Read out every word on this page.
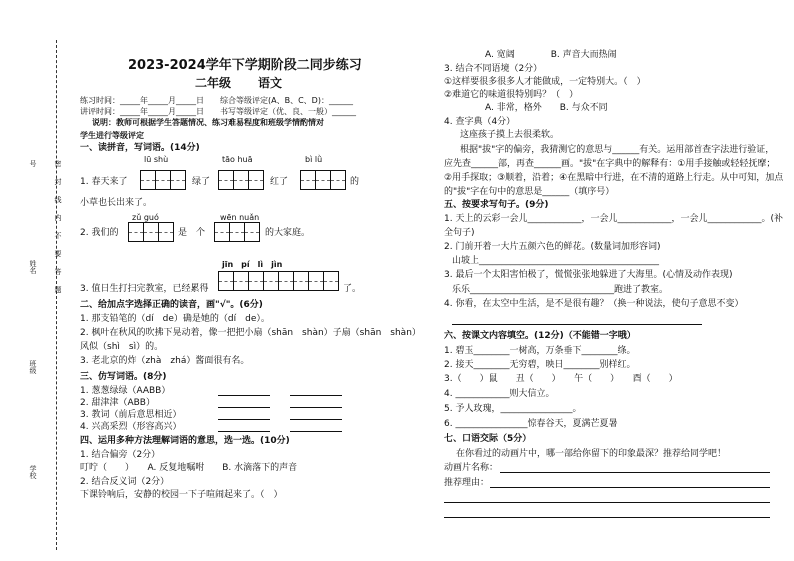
号
姓名
班级
学校
密　封　线　内　不　要　答　题
2023-2024学年下学期阶段二同步练习
二年级 语文
练习时间：_____年_____月_____日　　综合等级评定(A、B、C、D)：______
讲评时间：_____年_____月_____日　　书写等级评定（优、良、一般）______
说明：教师可根据学生答题情况、练习难易程度和班级学情酌情对
学生进行等级评定
一、读拼音，写词语。(14分)
lū shù	tāo huā	bì lǜ
1. 春天来了	绿了	红了	的
小草也长出来了。
zǔ guó	wēn nuǎn
2. 我们的	是　个	的大家庭。
jīn　pí　lì　jìn
3. 值日生打扫完教室，已经累得	了。
二、给加点字选择正确的读音，画"√"。(6分)
1. 那支铅笔的（dí　de）确是她的（dí　de）。
2. 枫叶在秋风的吹拂下晃动着，像一把把小扇（shān　shàn）子扇（shān　shàn）
风似（shì　sì）的。
3. 老北京的炸（zhà　zhá）酱面很有名。
三、仿写词语。(8分)
1. 葱葱绿绿（AABB）
2. 甜津津（ABB）
3. 教词（前后意思相近）
4. 兴高采烈（形容高兴）
四、运用多种方法理解词语的意思，选一选。(10分)
1. 结合偏旁（2分）
叮咛（　　）　　A. 反复地嘱咐　　B. 水滴落下的声音
2. 结合反义词（2分）
下课铃响后，安静的校园一下子喧闹起来了。（　）
A. 宽阔　　　　B. 声音大而热闹
3. 结合不同语境（2分）
①这样要很多很多人才能做成，一定特别大。（　）
②难道它的味道很特别吗？（　）
A. 非常，格外　　B. 与众不同
4. 查字典（4分）
这座孩子摸上去很柔软。
根据"拔"字的偏旁，我猜测它的意思与______有关。运用部首查字法进行验证，
应先查______部，再查______画。"拔"在字典中的解释有：①用手接触或轻轻抚摩；
②用手探取；③顺着，沿着；④在黑暗中行进，在不清的道路上行走。从中可知，加点
的"拔"字在句中的意思是______（填序号）
五、按要求写句子。(9分)
1. 天上的云彩一会儿____________，一会儿____________，一会儿____________。(补
全句子)
2. 门前开着一大片五颜六色的鲜花。(数量词加形容词)
山坡上________________________________________
3. 最后一个太阳害怕极了，慌慌张张地躲进了大海里。(心情及动作表现)
乐乐________________________________跑进了教室。
4. 你看，在太空中生活，是不是很有趣？（换一种说法，使句子意思不变）
六、按课文内容填空。(12分)（不能错一字哦）
1. 碧玉________一树高，万条垂下________绦。
2. 接天________无穷碧，映日________别样红。
3.（　　）鼠　　丑（　　）　　午（　　）　　酉（　　）
4. ____________则大信立。
5. 予人玫瑰，________________。
6. ________________惊春谷天，夏满芒夏暑
七、口语交际（5分）
在你看过的动画片中，哪一部给你留下的印象最深？推荐给同学吧！
动画片名称：
推荐理由：
